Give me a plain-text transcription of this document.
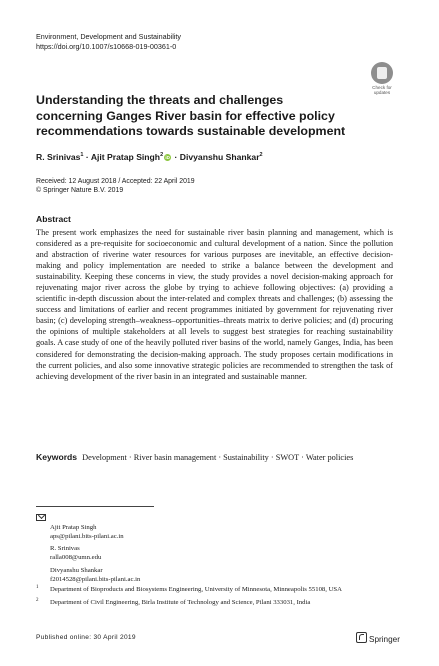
Environment, Development and Sustainability
https://doi.org/10.1007/s10668-019-00361-0
Check for
updates
Understanding the threats and challenges
concerning Ganges River basin for effective policy
recommendations towards sustainable development
R. Srinivas$^1$ · Ajit Pratap Singh$^2$ iD · Divyanshu Shankar$^2$
Received: 12 August 2018 / Accepted: 22 April 2019
© Springer Nature B.V. 2019
Abstract
The present work emphasizes the need for sustainable river basin planning and management, which is considered as a pre-requisite for socioeconomic and cultural development of a nation. Since the pollution and abstraction of riverine water resources for various purposes are inevitable, an effective decision-making and policy implementation are needed to strike a balance between the development and sustainability. Keeping these concerns in view, the study provides a novel decision-making approach for rejuvenating major river across the globe by trying to achieve following objectives: (a) providing a scientific in-depth discussion about the inter-related and complex threats and challenges; (b) assessing the success and limitations of earlier and recent programmes initiated by government for rejuvenating river basin; (c) developing strength–weakness–opportunities–threats matrix to derive policies; and (d) procuring the opinions of multiple stakeholders at all levels to suggest best strategies for reaching sustainability goals. A case study of one of the heavily polluted river basins of the world, namely Ganges, India, has been considered for demonstrating the decision-making approach. The study proposes certain modifications in the current policies, and also some innovative strategic policies are recommended to strengthen the task of achieving development of the river basin in an integrated and sustainable manner.
Keywords Development · River basin management · Sustainability · SWOT · Water policies
Ajit Pratap Singh
aps@pilani.bits-pilani.ac.in
R. Srinivas
ralla008@umn.edu
Divyanshu Shankar
f2014528@pilani.bits-pilani.ac.in
1 Department of Bioproducts and Biosystems Engineering, University of Minnesota, Minneapolis 55108, USA
2 Department of Civil Engineering, Birla Institute of Technology and Science, Pilani 333031, India
Published online: 30 April 2019	Springer
